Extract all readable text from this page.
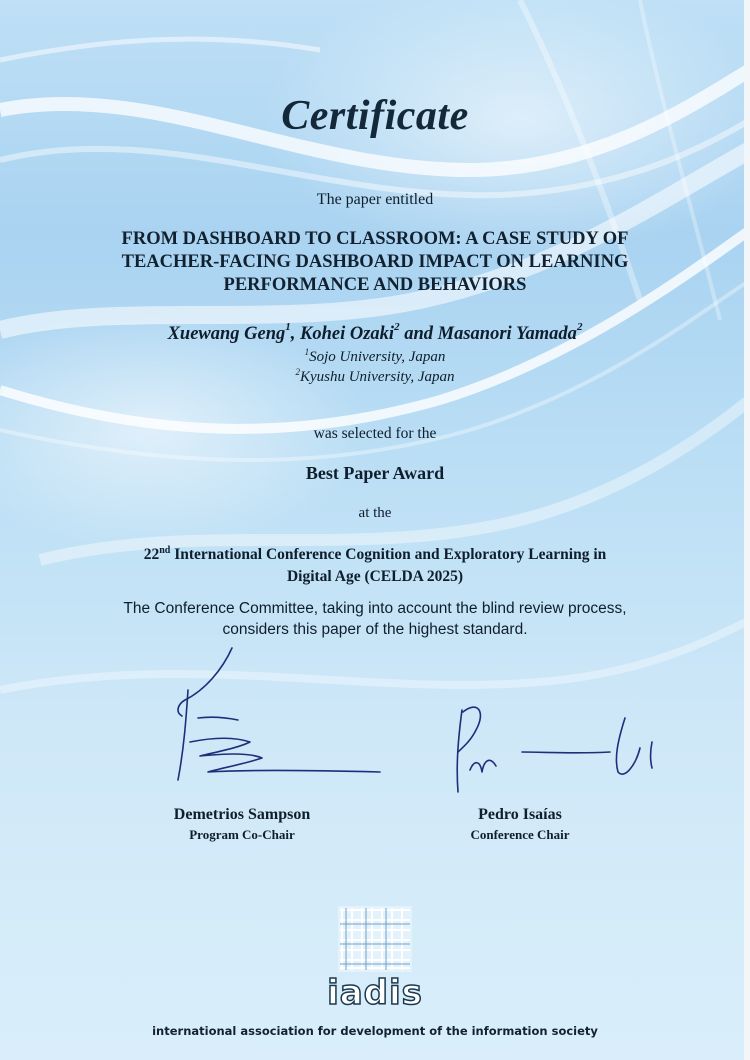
Certificate
The paper entitled
FROM DASHBOARD TO CLASSROOM: A CASE STUDY OF TEACHER-FACING DASHBOARD IMPACT ON LEARNING PERFORMANCE AND BEHAVIORS
Xuewang Geng$^1$, Kohei Ozaki$^2$ and Masanori Yamada$^2$
$^1$Sojo University, Japan
$^2$Kyushu University, Japan
was selected for the
Best Paper Award
at the
22nd International Conference Cognition and Exploratory Learning in Digital Age (CELDA 2025)
The Conference Committee, taking into account the blind review process, considers this paper of the highest standard.
Demetrios Sampson
Program Co-Chair
Pedro Isaías
Conference Chair
iadis
international association for development of the information society
